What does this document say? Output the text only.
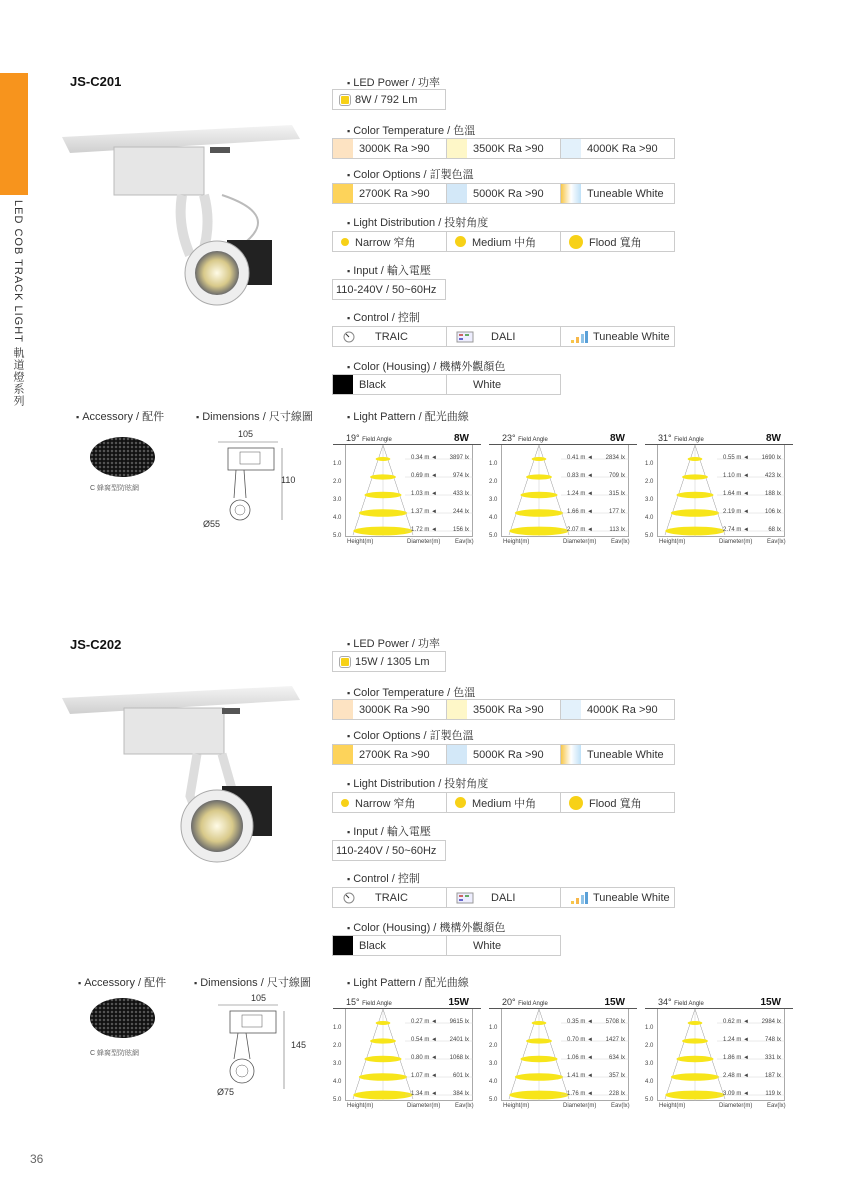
LED COB TRACK LIGHT 軌道燈系列
36
JS-C201	▪ LED Power / 功率
8W / 792 Lm
▪ Color Temperature / 色溫
3000K Ra >90	3500K Ra >90	4000K Ra >90
▪ Color Options / 訂製色溫
2700K Ra >90	5000K Ra >90	Tuneable White
▪ Light Distribution / 投射角度
Narrow 窄角	Medium 中角	Flood 寬角
▪ Input / 輸入電壓
110-240V / 50~60Hz
▪ Control / 控制
TRAIC	DALI	Tuneable White
▪ Color (Housing) / 機構外觀顏色
Black	White
▪ Accessory / 配件
C 蜂窩型防眩網
▪ Dimensions / 尺寸線圖
105
110
Ø55
▪ Light Pattern / 配光曲線
19° Field Angle	8W
1.0
0.34 m ◄ 3897 lx
2.0
0.69 m ◄	974 lx
3.0
1.03 m ◄	433 lx
4.0
1.37 m ◄	244 lx
5.0
1.72 m ◄	156 lx
Height(m)	Diameter(m) Eav(lx)
23° Field Angle	8W
1.0
0.41 m ◄ 2834 lx
2.0
0.83 m ◄	709 lx
3.0
1.24 m ◄	315 lx
4.0
1.66 m ◄	177 lx
5.0
2.07 m ◄	113 lx
Height(m)	Diameter(m) Eav(lx)
31° Field Angle	8W
1.0
0.55 m ◄ 1690 lx
2.0
1.10 m ◄	423 lx
3.0
1.64 m ◄	188 lx
4.0
2.19 m ◄	106 lx
5.0
2.74 m ◄	68 lx
Height(m)	Diameter(m) Eav(lx)
JS-C202	▪ LED Power / 功率
15W / 1305 Lm
▪ Color Temperature / 色溫
3000K Ra >90	3500K Ra >90	4000K Ra >90
▪ Color Options / 訂製色溫
2700K Ra >90	5000K Ra >90	Tuneable White
▪ Light Distribution / 投射角度
Narrow 窄角	Medium 中角	Flood 寬角
▪ Input / 輸入電壓
110-240V / 50~60Hz
▪ Control / 控制
TRAIC	DALI	Tuneable White
▪ Color (Housing) / 機構外觀顏色
Black	White
▪ Accessory / 配件
C 蜂窩型防眩網
▪ Dimensions / 尺寸線圖
105
145
Ø75
▪ Light Pattern / 配光曲線
15° Field Angle	15W
1.0
0.27 m ◄ 9615 lx
2.0
0.54 m ◄ 2401 lx
3.0
0.80 m ◄ 1068 lx
4.0
1.07 m ◄	601 lx
5.0
1.34 m ◄	384 lx
Height(m)	Diameter(m) Eav(lx)
20° Field Angle	15W
1.0
0.35 m ◄ 5708 lx
2.0
0.70 m ◄ 1427 lx
3.0
1.06 m ◄	634 lx
4.0
1.41 m ◄	357 lx
5.0
1.76 m ◄	228 lx
Height(m)	Diameter(m) Eav(lx)
34° Field Angle	15W
1.0
0.62 m ◄ 2984 lx
2.0
1.24 m ◄	748 lx
3.0
1.86 m ◄	331 lx
4.0
2.48 m ◄	187 lx
5.0
3.09 m ◄	119 lx
Height(m)	Diameter(m) Eav(lx)
